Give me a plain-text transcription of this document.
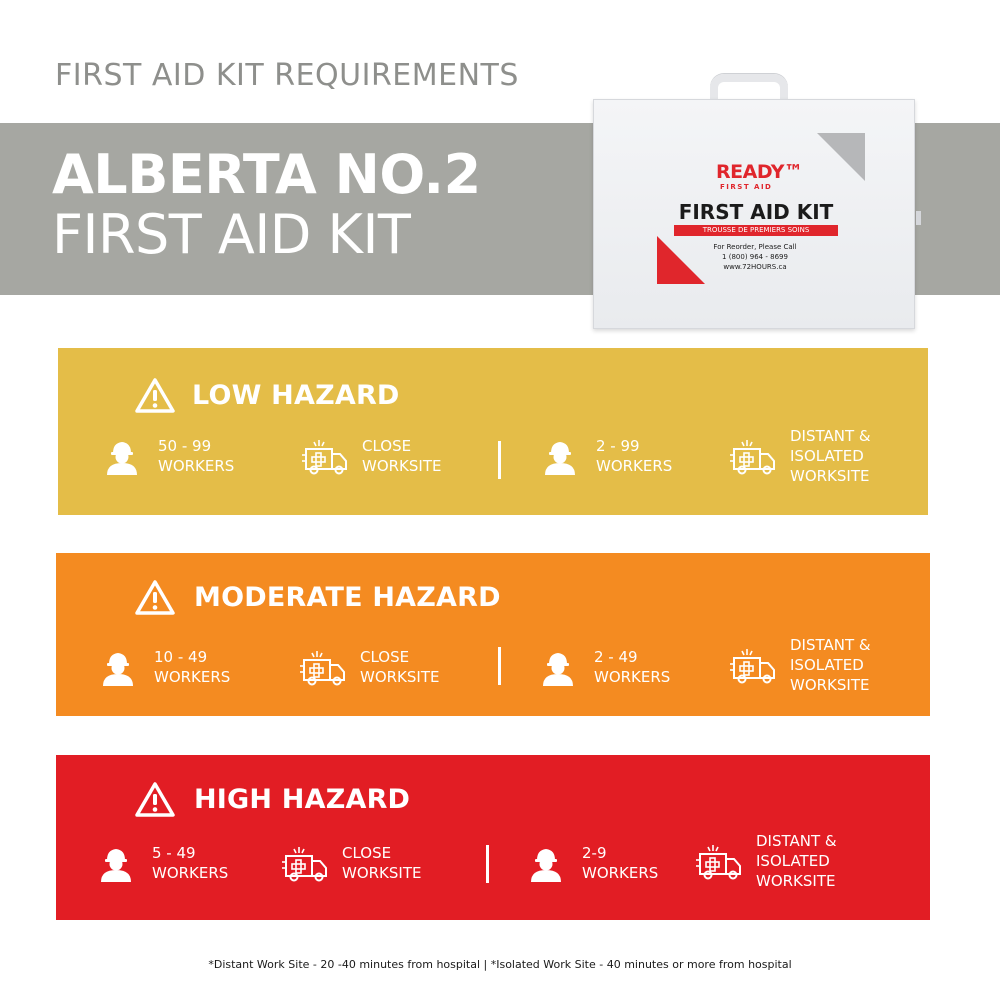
FIRST AID KIT REQUIREMENTS
ALBERTA NO.2
FIRST AID KIT
READY™
FIRST AID
FIRST AID KIT
TROUSSE DE PREMIERS SOINS
For Reorder, Please Call
1 (800) 964 - 8699
www.72HOURS.ca
LOW HAZARD
50 - 99
WORKERS
CLOSE
WORKSITE
2 - 99
WORKERS
DISTANT &
ISOLATED
WORKSITE
MODERATE HAZARD
10 - 49
WORKERS
CLOSE
WORKSITE
2 - 49
WORKERS
DISTANT &
ISOLATED
WORKSITE
HIGH HAZARD
5 - 49
WORKERS
CLOSE
WORKSITE
2-9
WORKERS
DISTANT &
ISOLATED
WORKSITE
*Distant Work Site - 20 -40 minutes from hospital | *Isolated Work Site - 40 minutes or more from hospital
